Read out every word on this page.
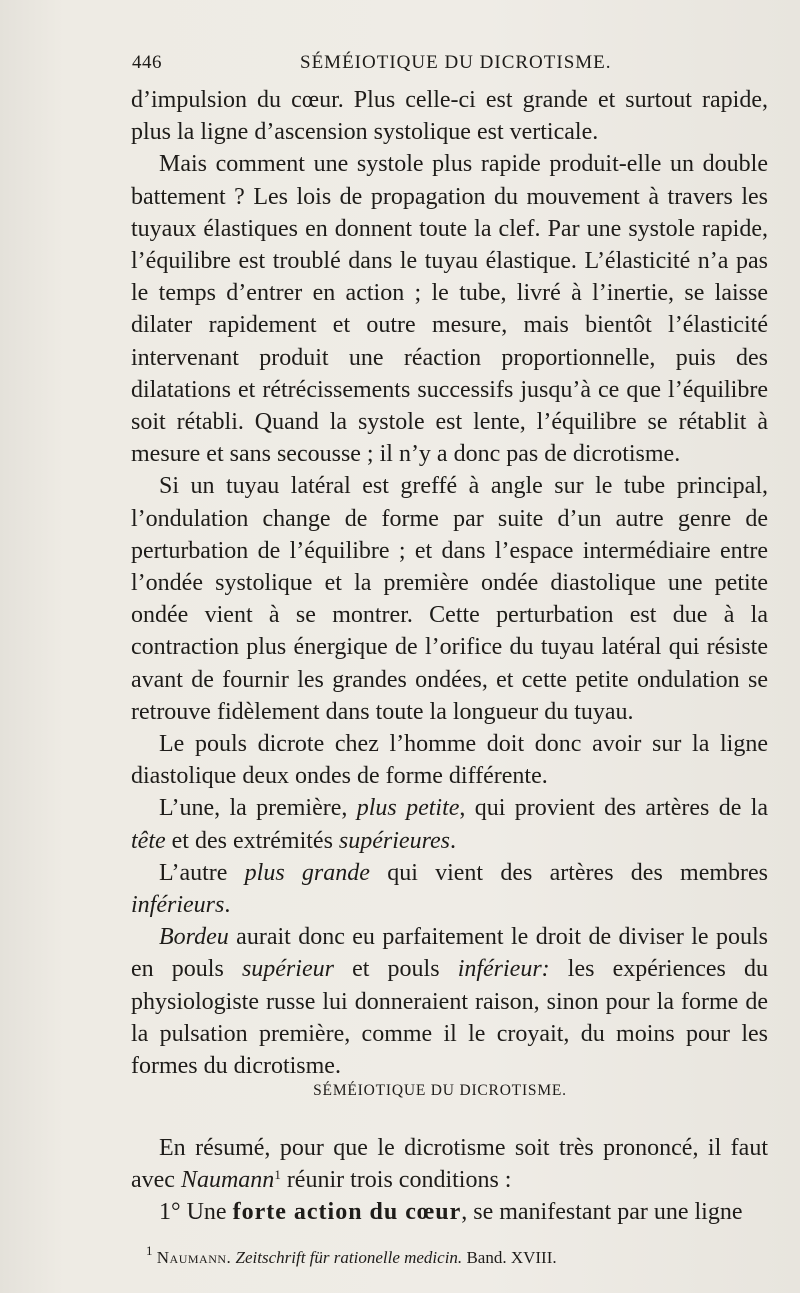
446	SÉMÉIOTIQUE DU DICROTISME.

d’impulsion du cœur. Plus celle-ci est grande et surtout rapide, plus la ligne d’ascension systolique est verticale.

Mais comment une systole plus rapide produit-elle un double battement ? Les lois de propagation du mouvement à travers les tuyaux élastiques en donnent toute la clef. Par une systole rapide, l’équilibre est troublé dans le tuyau élastique. L’élasticité n’a pas le temps d’entrer en action ; le tube, livré à l’inertie, se laisse dilater rapidement et outre mesure, mais bientôt l’élasticité intervenant produit une réaction proportionnelle, puis des dilatations et rétrécissements successifs jusqu’à ce que l’équilibre soit rétabli. Quand la systole est lente, l’équilibre se rétablit à mesure et sans secousse ; il n’y a donc pas de dicrotisme.

Si un tuyau latéral est greffé à angle sur le tube principal, l’ondulation change de forme par suite d’un autre genre de perturbation de l’équilibre ; et dans l’espace intermédiaire entre l’ondée systolique et la première ondée diastolique une petite ondée vient à se montrer. Cette perturbation est due à la contraction plus énergique de l’orifice du tuyau latéral qui résiste avant de fournir les grandes ondées, et cette petite ondulation se retrouve fidèlement dans toute la longueur du tuyau.

Le pouls dicrote chez l’homme doit donc avoir sur la ligne diastolique deux ondes de forme différente.

L’une, la première, plus petite, qui provient des artères de la tête et des extrémités supérieures.

L’autre plus grande qui vient des artères des membres inférieurs.

Bordeu aurait donc eu parfaitement le droit de diviser le pouls en pouls supérieur et pouls inférieur: les expériences du physiologiste russe lui donneraient raison, sinon pour la forme de la pulsation première, comme il le croyait, du moins pour les formes du dicrotisme.

SÉMÉIOTIQUE DU DICROTISME.

En résumé, pour que le dicrotisme soit très prononcé, il faut avec Naumann$^1$ réunir trois conditions :

1° Une forte action du cœur, se manifestant par une ligne

$^1$ Naumann. Zeitschrift für rationelle medicin. Band. XVIII.
